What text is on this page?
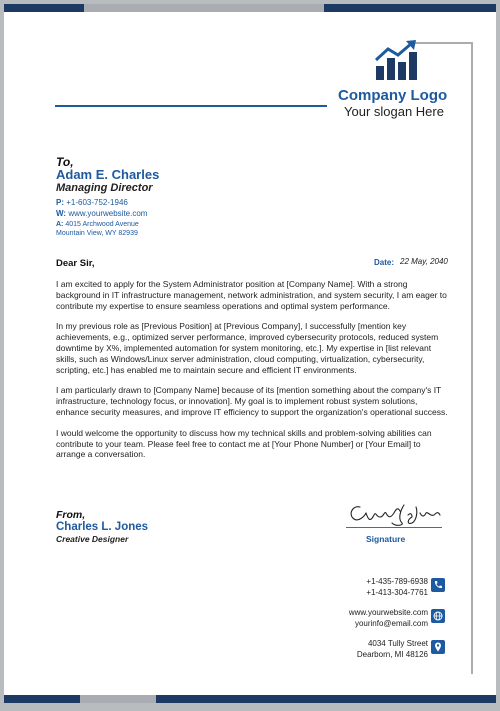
Company Logo
Your slogan Here
To,
Adam E. Charles
Managing Director
P: +1-603-752-1946
W: www.yourwebsite.com
A: 4015 Archwood Avenue Mountain View, WY 82939
Dear Sir,	Date: 22 May, 2040

I am excited to apply for the System Administrator position at [Company Name]. With a strong background in IT infrastructure management, network administration, and system security, I am eager to contribute my expertise to ensure seamless operations and optimal system performance.

In my previous role as [Previous Position] at [Previous Company], I successfully [mention key achievements, e.g., optimized server performance, improved cybersecurity protocols, reduced system downtime by X%, implemented automation for system monitoring, etc.]. My expertise in [list relevant skills, such as Windows/Linux server administration, cloud computing, virtualization, cybersecurity, scripting, etc.] has enabled me to maintain secure and efficient IT environments.

I am particularly drawn to [Company Name] because of its [mention something about the company's IT infrastructure, technology focus, or innovation]. My goal is to implement robust system solutions, enhance security measures, and improve IT efficiency to support the organization's operational success.

I would welcome the opportunity to discuss how my technical skills and problem-solving abilities can contribute to your team. Please feel free to contact me at [Your Phone Number] or [Your Email] to arrange a conversation.

From,
Charles L. Jones
Creative Designer	Signature
+1-435-789-6938
+1-413-304-7761
www.yourwebsite.com
yourinfo@email.com
4034 Tully Street
Dearborn, MI 48126
